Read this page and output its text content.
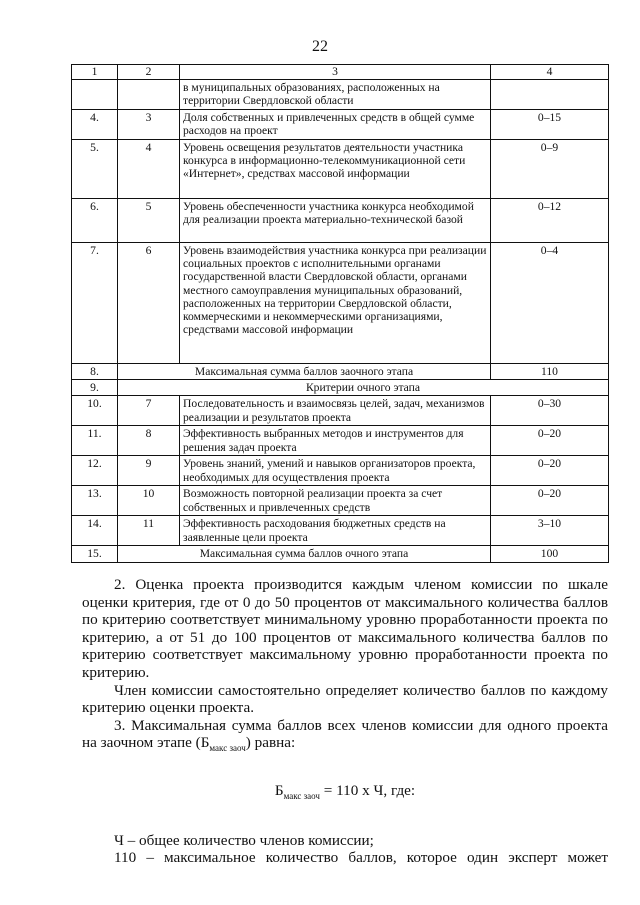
22
1	2	3	4
		в муниципальных образованиях, расположенных на территории Свердловской области	
4.	3	Доля собственных и привлеченных средств в общей сумме расходов на проект	0–15
5.	4	Уровень освещения результатов деятельности участника конкурса в информационно-телекоммуникационной сети «Интернет», средствах массовой информации	0–9
6.	5	Уровень обеспеченности участника конкурса необходимой для реализации проекта материально-технической базой	0–12
7.	6	Уровень взаимодействия участника конкурса при реализации социальных проектов с исполнительными органами государственной власти Свердловской области, органами местного самоуправления муниципальных образований, расположенных на территории Свердловской области, коммерческими и некоммерческими организациями, средствами массовой информации	0–4
8.	Максимальная сумма баллов заочного этапа		110
9.	Критерии очного этапа		
10.	7	Последовательность и взаимосвязь целей, задач, механизмов реализации и результатов проекта	0–30
11.	8	Эффективность выбранных методов и инструментов для решения задач проекта	0–20
12.	9	Уровень знаний, умений и навыков организаторов проекта, необходимых для осуществления проекта	0–20
13.	10	Возможность повторной реализации проекта за счет собственных и привлеченных средств	0–20
14.	11	Эффективность расходования бюджетных средств на заявленные цели проекта	3–10
15.	Максимальная сумма баллов очного этапа		100

2. Оценка проекта производится каждым членом комиссии по шкале оценки критерия, где от 0 до 50 процентов от максимального количества баллов по критерию соответствует минимальному уровню проработанности проекта по критерию, а от 51 до 100 процентов от максимального количества баллов по критерию соответствует максимальному уровню проработанности проекта по критерию.

Член комиссии самостоятельно определяет количество баллов по каждому критерию оценки проекта.

3. Максимальная сумма баллов всех членов комиссии для одного проекта на заочном этапе $(Б_{макс заоч})$ равна:

$Б_{макс заоч} = 110$ х Ч, где:

Ч – общее количество членов комиссии;

110 – максимальное количество баллов, которое один эксперт может
